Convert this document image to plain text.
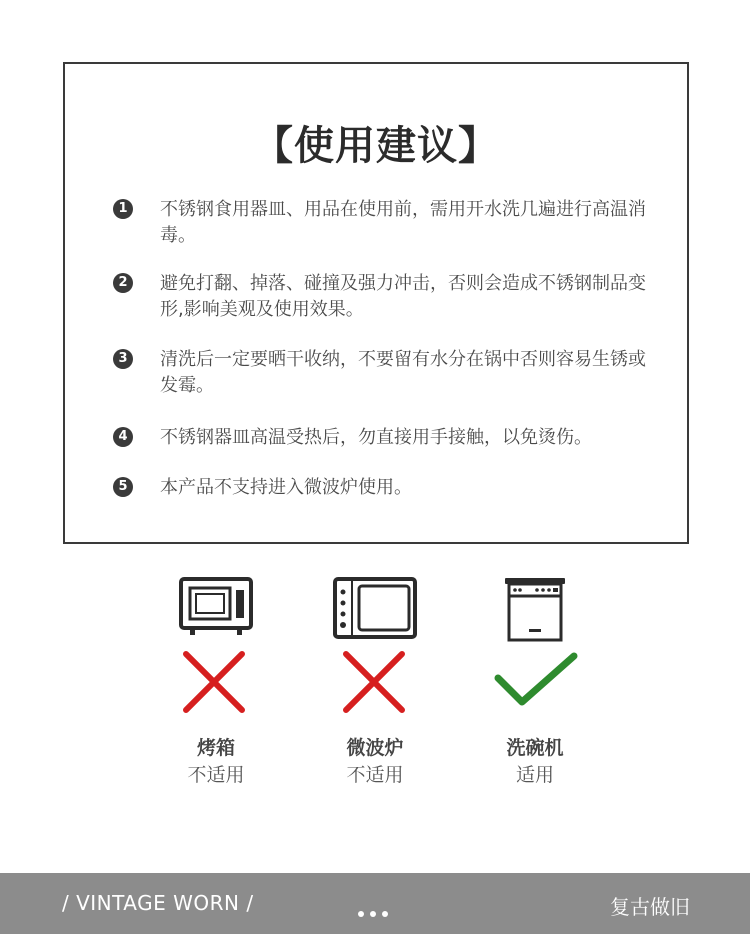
【使用建议】
1	不锈钢食用器皿、用品在使用前，需用开水洗几遍进行高温消毒。
2	避免打翻、掉落、碰撞及强力冲击，否则会造成不锈钢制品变形,影响美观及使用效果。
3	清洗后一定要晒干收纳，不要留有水分在锅中否则容易生锈或发霉。
4	不锈钢器皿高温受热后，勿直接用手接触，以免烫伤。
5	本产品不支持进入微波炉使用。
烤箱
不适用
微波炉
不适用
洗碗机
适用
/ VINTAGE WORN /	复古做旧
